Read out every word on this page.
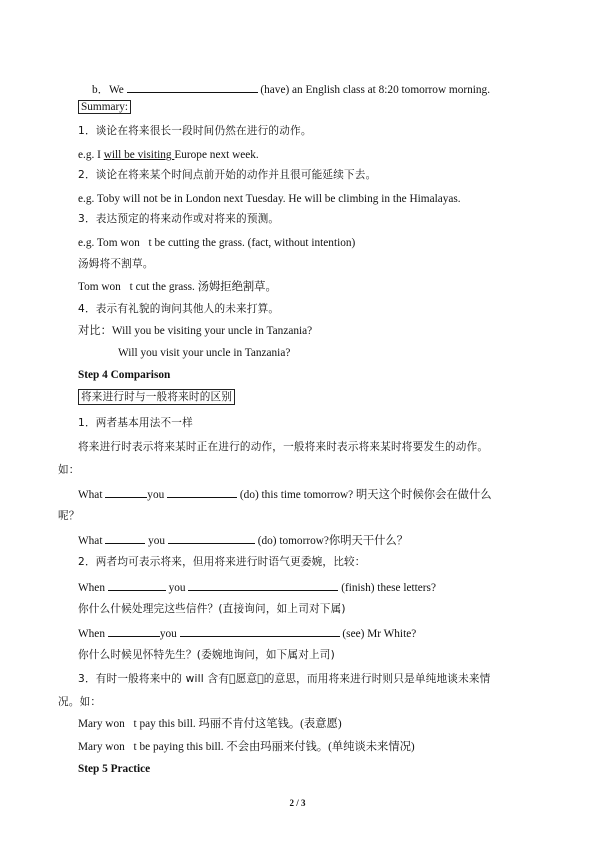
b．We	(have) an English class at 8:20 tomorrow morning.
Summary:
1．谈论在将来很长一段时间仍然在进行的动作。
e.g. I will be visiting Europe next week.
2．谈论在将来某个时间点前开始的动作并且很可能延续下去。
e.g. Toby will not be in London next Tuesday. He will be climbing in the Himalayas.
3．表达预定的将来动作或对将来的预测。
e.g. Tom won t be cutting the grass. (fact, without intention)
汤姆将不割草。
Tom won t cut the grass. 汤姆拒绝割草。
4．表示有礼貌的询问其他人的未来打算。
对比：Will you be visiting your uncle in Tanzania?
Will you visit your uncle in Tanzania?
Step 4 Comparison
将来进行时与一般将来时的区别
1．两者基本用法不一样
将来进行时表示将来某时正在进行的动作，一般将来时表示将来某时将要发生的动作。
如：
What	you	(do) this time tomorrow? 明天这个时候你会在做什么
呢？
What	you	(do) tomorrow?你明天干什么？
2．两者均可表示将来，但用将来进行时语气更委婉，比较：
When	you	(finish) these letters?
你什么什候处理完这些信件？(直接询问，如上司对下属)
When	you	(see) Mr White?
你什么时候见怀特先生？(委婉地询问，如下属对上司)
3．有时一般将来中的 will 含有 愿意 的意思，而用将来进行时则只是单纯地谈未来情
况。如：
Mary won t pay this bill. 玛丽不肯付这笔钱。(表意愿)
Mary won t be paying this bill. 不会由玛丽来付钱。(单纯谈未来情况)
Step 5 Practice
2 / 3
